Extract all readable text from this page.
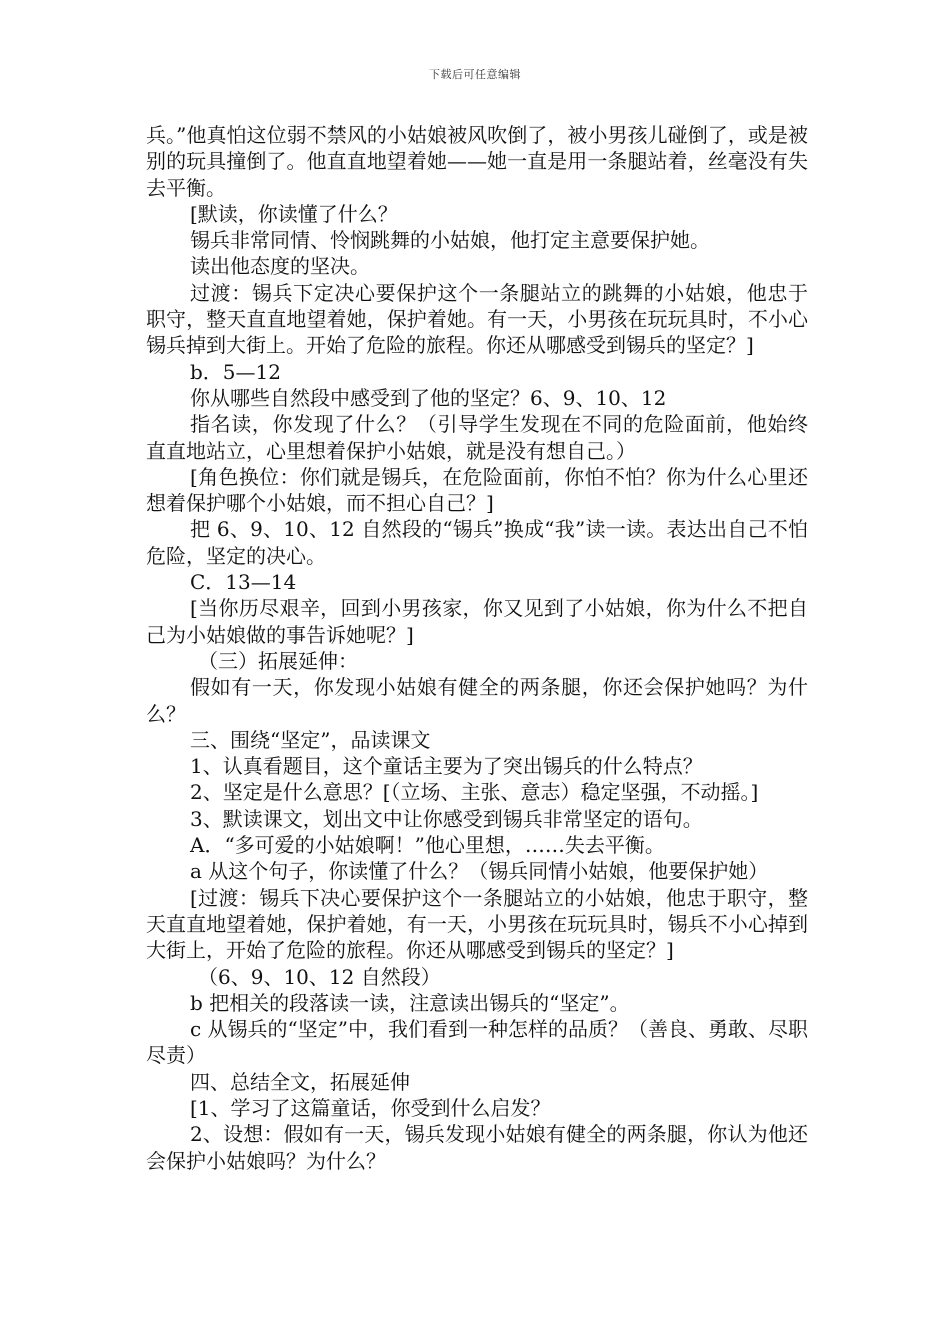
下载后可任意编辑

兵。”他真怕这位弱不禁风的小姑娘被风吹倒了，被小男孩儿碰倒了，或是被别的玩具撞倒了。他直直地望着她——她一直是用一条腿站着，丝毫没有失去平衡。

[默读，你读懂了什么？

锡兵非常同情、怜悯跳舞的小姑娘，他打定主意要保护她。

读出他态度的坚决。

过渡：锡兵下定决心要保护这个一条腿站立的跳舞的小姑娘，他忠于职守，整天直直地望着她，保护着她。有一天，小男孩在玩玩具时，不小心锡兵掉到大街上。开始了危险的旅程。你还从哪感受到锡兵的坚定？]

b．5—12

你从哪些自然段中感受到了他的坚定？6、9、10、12

指名读，你发现了什么？（引导学生发现在不同的危险面前，他始终直直地站立，心里想着保护小姑娘，就是没有想自己。）

[角色换位：你们就是锡兵，在危险面前，你怕不怕？你为什么心里还想着保护哪个小姑娘，而不担心自己？]

把 6、9、10、12 自然段的“锡兵”换成“我”读一读。表达出自己不怕危险，坚定的决心。

C．13—14

[当你历尽艰辛，回到小男孩家，你又见到了小姑娘，你为什么不把自己为小姑娘做的事告诉她呢？]

（三）拓展延伸：

假如有一天，你发现小姑娘有健全的两条腿，你还会保护她吗？为什么？

三、围绕“坚定”，品读课文

1、认真看题目，这个童话主要为了突出锡兵的什么特点？

2、坚定是什么意思？[（立场、主张、意志）稳定坚强，不动摇。]

3、默读课文，划出文中让你感受到锡兵非常坚定的语句。

A．“多可爱的小姑娘啊！”他心里想，……失去平衡。

a 从这个句子，你读懂了什么？（锡兵同情小姑娘，他要保护她）

[过渡：锡兵下决心要保护这个一条腿站立的小姑娘，他忠于职守，整天直直地望着她，保护着她，有一天，小男孩在玩玩具时，锡兵不小心掉到大街上，开始了危险的旅程。你还从哪感受到锡兵的坚定？]

（6、9、10、12 自然段）

b 把相关的段落读一读，注意读出锡兵的“坚定”。

c 从锡兵的“坚定”中，我们看到一种怎样的品质？（善良、勇敢、尽职尽责）

四、总结全文，拓展延伸

[1、学习了这篇童话，你受到什么启发？

2、设想：假如有一天，锡兵发现小姑娘有健全的两条腿，你认为他还会保护小姑娘吗？为什么？
